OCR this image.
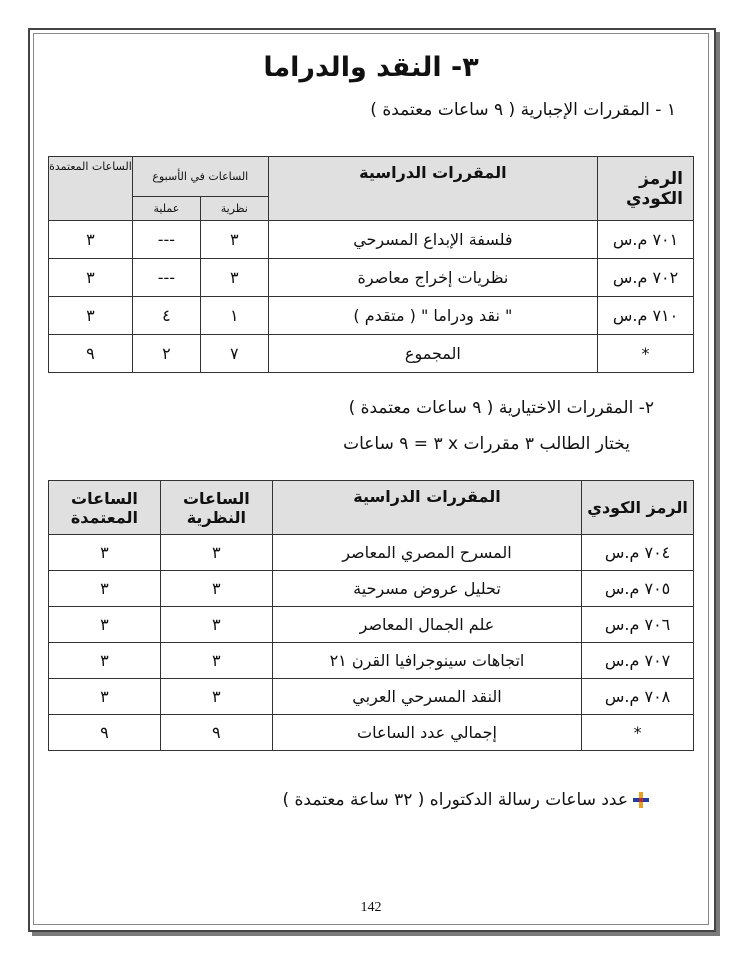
٣- النقد والدراما
١ - المقررات الإجبارية ( ٩ ساعات معتمدة )
الرمز الكودي	المقررات الدراسية	الساعات في الأسبوع		الساعات المعتمدة
		نظرية	عملية	
٧٠١ م.س	فلسفة الإبداع المسرحي	٣	---	٣
٧٠٢ م.س	نظريات إخراج معاصرة	٣	---	٣
٧١٠ م.س	" نقد ودراما " ( متقدم )	١	٤	٣
*	المجموع	٧	٢	٩
٢- المقررات الاختيارية ( ٩ ساعات معتمدة )
يختار الطالب ٣ مقررات x ٣ = ٩ ساعات
الرمز الكودي	المقررات الدراسية	الساعات النظرية	الساعات المعتمدة
٧٠٤ م.س	المسرح المصري المعاصر	٣	٣
٧٠٥ م.س	تحليل عروض مسرحية	٣	٣
٧٠٦ م.س	علم الجمال المعاصر	٣	٣
٧٠٧ م.س	اتجاهات سينوجرافيا القرن ٢١	٣	٣
٧٠٨ م.س	النقد المسرحي العربي	٣	٣
*	إجمالي عدد الساعات	٩	٩
عدد ساعات رسالة الدكتوراه ( ٣٢ ساعة معتمدة )
142
